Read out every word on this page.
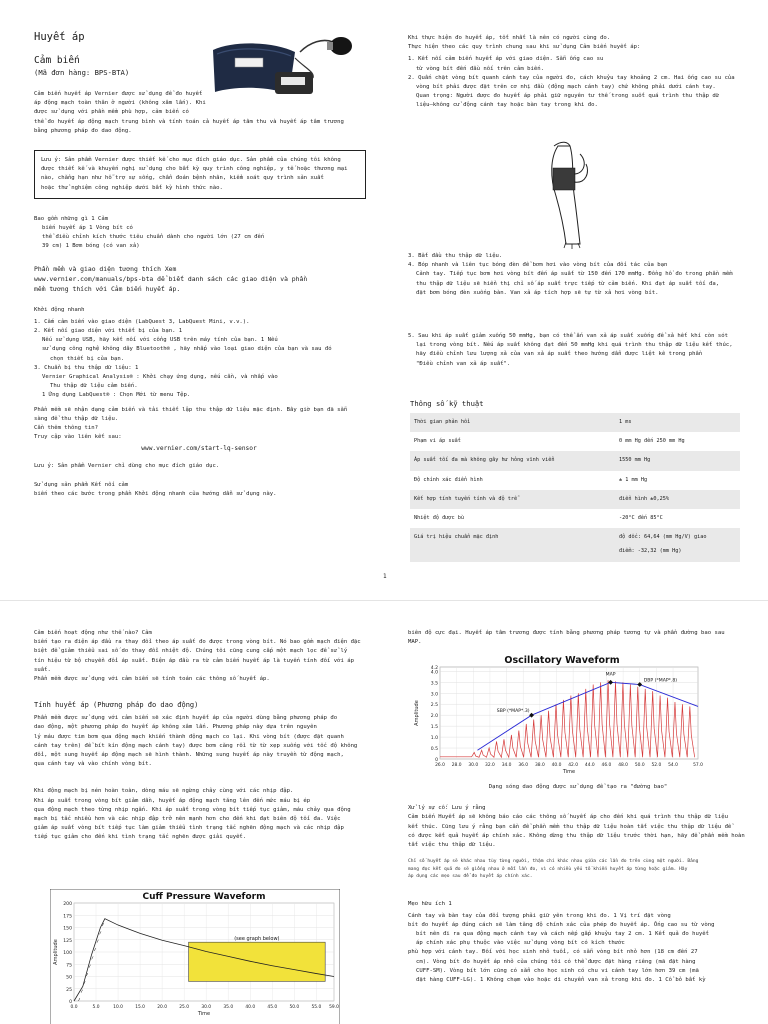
Huyết áp
Cảm biến
(Mã đơn hàng: BPS-BTA)
Cảm biến huyết áp Vernier được sử dụng để đo huyết
áp động mạch toàn thân ở người (không xâm lấn). Khi
được sử dụng với phần mềm phù hợp, cảm biến có
thể đo huyết áp động mạch trung bình và tính toán cả huyết áp tâm thu và huyết áp tâm trương
bằng phương pháp đo dao động.
Lưu ý: Sản phẩm Vernier được thiết kế cho mục đích giáo dục. Sản phẩm của chúng tôi không
được thiết kế và khuyến nghị sử dụng cho bất kỳ quy trình công nghiệp, y tế hoặc thương mại
nào, chẳng hạn như hỗ trợ sự sống, chẩn đoán bệnh nhân, kiểm soát quy trình sản xuất
hoặc thử nghiệm công nghiệp dưới bất kỳ hình thức nào.
Bao gồm những gì 1 Cảm
biến huyết áp 1 Vòng bít có
thể điều chỉnh kích thước tiêu chuẩn dành cho người lớn (27 cm đến
39 cm) 1 Bơm bóng (có van xả)
Phần mềm và giao diện tương thích Xem
www.vernier.com/manuals/bps-bta để biết danh sách các giao diện và phần
mềm tương thích với Cảm biến huyết áp.
Khởi động nhanh
1. Cắm cảm biến vào giao diện (LabQuest 3, LabQuest Mini, v.v.).
2. Kết nối giao diện với thiết bị của bạn. 1
Nếu sử dụng USB, hãy kết nối với cổng USB trên máy tính của bạn. 1 Nếu
sử dụng công nghệ không dây Bluetooth® , hãy nhấp vào loại giao diện của bạn và sau đó
chọn thiết bị của bạn.
3. Chuẩn bị thu thập dữ liệu: 1
Vernier Graphical Analysis® : Khởi chạy ứng dụng, nếu cần, và nhấp vào
Thu thập dữ liệu cảm biến.
1 Ứng dụng LabQuest® : Chọn Mới từ menu Tệp.
Phần mềm sẽ nhận dạng cảm biến và tải thiết lập thu thập dữ liệu mặc định. Bây giờ bạn đã sẵn
sàng để thu thập dữ liệu.
Cần thêm thông tin?
Truy cập vào liên kết sau:
www.vernier.com/start-lq-sensor
Lưu ý: Sản phẩm Vernier chỉ dùng cho mục đích giáo dục.
Sử dụng sản phẩm Kết nối cảm
biến theo các bước trong phần Khởi động nhanh của hướng dẫn sử dụng này.
Khi thực hiện đo huyết áp, tốt nhất là nên có người cùng đo.
Thực hiện theo các quy trình chung sau khi sử dụng Cảm biến huyết áp:
1. Kết nối cảm biến huyết áp với giao diện. Sẵn ống cao su
từ vòng bít đến đầu nối trên cảm biến.
2. Quấn chặt vòng bít quanh cánh tay của người đo, cách khuỷu tay khoảng 2 cm. Hai ống cao su của
vòng bít phải được đặt trên cơ nhị đầu (động mạch cánh tay) chứ không phải dưới cánh tay.
Quan trọng: Người được đo huyết áp phải giữ nguyên tư thế trong suốt quá trình thu thập dữ
liệu—không cử động cánh tay hoặc bàn tay trong khi đo.
3. Bắt đầu thu thập dữ liệu.
4. Bóp nhanh và liên tục bóng đèn để bơm hơi vào vòng bít của đối tác của bạn
Cảnh tay. Tiếp tục bơm hơi vòng bít đến áp suất từ 150 đến 170 mmHg. Đồng hồ đo trong phần mềm
thu thập dữ liệu sẽ hiển thị chỉ số áp suất trực tiếp từ cảm biến. Khi đạt áp suất tối đa,
đặt bơm bóng đèn xuống bàn. Van xả áp tích hợp sẽ tự từ xả hơi vòng bít.
5. Sau khi áp suất giảm xuống 50 mmHg, bạn có thể ấn van xả áp suất xuống để xả hết khí còn sót
lại trong vòng bít. Nếu áp suất không đạt đến 50 mmHg khi quá trình thu thập dữ liệu kết thúc,
hãy điều chỉnh lưu lượng xả của van xả áp suất theo hướng dẫn được liệt kê trong phần
"Điều chỉnh van xả áp suất".
Thông số kỹ thuật
Thời gian phản hồi	1 ms
Phạm vi áp suất	0 mm Hg đến 250 mm Hg
Áp suất tối đa mà không gây hư hỏng vĩnh viễn	1550 mm Hg
Độ chính xác điển hình	± 1 mm Hg
Kết hợp tính tuyến tính và độ trễ	điển hình ±0,25%
Nhiệt độ được bù	-20°C đến 85°C
Giá trị hiệu chuẩn mặc định	độ dốc: 64,64 (mm Hg/V) giao
điểm: -32,32 (mm Hg)
1
Cảm biến hoạt động như thế nào? Cảm
biến tạo ra điện áp đầu ra thay đổi theo áp suất đo được trong vòng bít. Nó bao gồm mạch điện đặc
biệt để giảm thiểu sai số do thay đổi nhiệt độ. Chúng tôi cũng cung cấp một mạch lọc để sử lý
tín hiệu từ bộ chuyển đổi áp suất. Điện áp đầu ra từ cảm biến huyết áp là tuyến tính đối với áp suất.
Phần mềm được sử dụng với cảm biến sẽ tính toán các thông số huyết áp.
Tính huyết áp (Phương pháp đo dao động)
Phần mềm được sử dụng với cảm biến sẽ xác định huyết áp của người dùng bằng phương pháp đo
dao động, một phương pháp đo huyết áp không xâm lấn. Phương pháp này dựa trên nguyên
lý máu được tim bơm qua động mạch khiến thành động mạch co lại. Khi vòng bít (được đặt quanh
cánh tay trên) để bít kín động mạch cánh tay) được bơm căng rồi từ từ xẹp xuống với tốc độ không
đổi, một sung huyết áp động mạch sẽ hình thành. Những sung huyết áp này truyền từ động mạch,
qua cánh tay và vào chính vòng bít.
Khi động mạch bị nén hoàn toàn, dòng máu sẽ ngừng chảy cùng với các nhịp đập.
Khi áp suất trong vòng bít giảm dần, huyết áp động mạch tăng lên đến mức máu bị ép
qua động mạch theo từng nhịp ngắn. Khi áp suất trong vòng bít tiếp tục giảm, máu chảy qua động
mạch bị tắc nhiều hơn và các nhịp đập trở nên mạnh hơn cho đến khi đạt biên độ tối đa. Việc
giảm áp suất vòng bít tiếp tục làm giảm thiểu tình trạng tắc nghẽn động mạch và các nhịp đập
tiếp tục giảm cho đến khi tình trạng tắc nghẽn được giải quyết.
Cuff Pressure Waveform
0
25
50
75
100
125
150
175
200
0.0	5.0	10.0	15.0	20.0	25.0	30.0	35.0	40.0	45.0	50.0	55.0 59.0
Time
Amplitude	(see graph below)
biên độ cực đại. Huyết áp tâm trương được tính bằng phương pháp tương tự và phần đường bao sau
MAP.
Oscillatory Waveform
0
0.5
1.0
1.5
2.0
2.5
3.0
3.5
4.0
4.2
26.0 28.0 30.0 32.0 34.0 36.0 38.0 40.0 42.0 44.0 46.0 48.0 50.0 52.0 54.0	57.0
Time
Amplitude	SBP (*MAP*.3)
MAP
DBP (*MAP*.8)
Dạng sóng dao động được sử dụng để tạo ra "đường bao"
Xử lý sự cố: Lưu ý rằng
Cảm biến Huyết áp sẽ không báo cáo các thông số huyết áp cho đến khi quá trình thu thập dữ liệu
kết thúc. Cũng lưu ý rằng bạn cần để phần mềm thu thập dữ liệu hoàn tất việc thu thập dữ liệu để
có được kết quả huyết áp chính xác. Không dừng thu thập dữ liệu trước thời hạn, hãy để phần mềm hoàn
tất việc thu thập dữ liệu.
Chỉ số huyết áp sẽ khác nhau tùy từng người, thậm chí khác nhau giữa các lần đo trên cùng một người. Bảng
mang đọc kết quả đo sẽ giống nhau ở mỗi lần đo, vì có nhiều yếu tố khiến huyết áp từng hoặc giảm. Hãy
áp dụng các mẹo sau để đo huyết áp chính xác.
Mẹo hữu ích 1
Cánh tay và bàn tay của đối tượng phải giữ yên trong khi đo. 1 Vị trí đặt vòng
bít đo huyết áp đúng cách sẽ làm tăng độ chính xác của phép đo huyết áp. Ống cao su từ vòng
bít nên đi ra qua động mạch cánh tay và cách nếp gấp khuỷu tay 2 cm. 1 Kết quả đo huyết
áp chính xác phụ thuộc vào việc sử dụng vòng bít có kích thước
phù hợp với cánh tay. Đối với học sinh nhỏ tuổi, có sẵn vòng bít nhỏ hơn (18 cm đến 27
cm). Vòng bít đo huyết áp nhỏ của chúng tôi có thể được đặt hàng riêng (mã đặt hàng
CUFF-SM). Vòng bít lớn cũng có sẵn cho học sinh có chu vi cánh tay lớn hơn 39 cm (mã
đặt hàng CUFF-LG). 1 Không chạm vào hoặc di chuyển van xả trong khi đo. 1 Cổ bỏ bất kỳ
